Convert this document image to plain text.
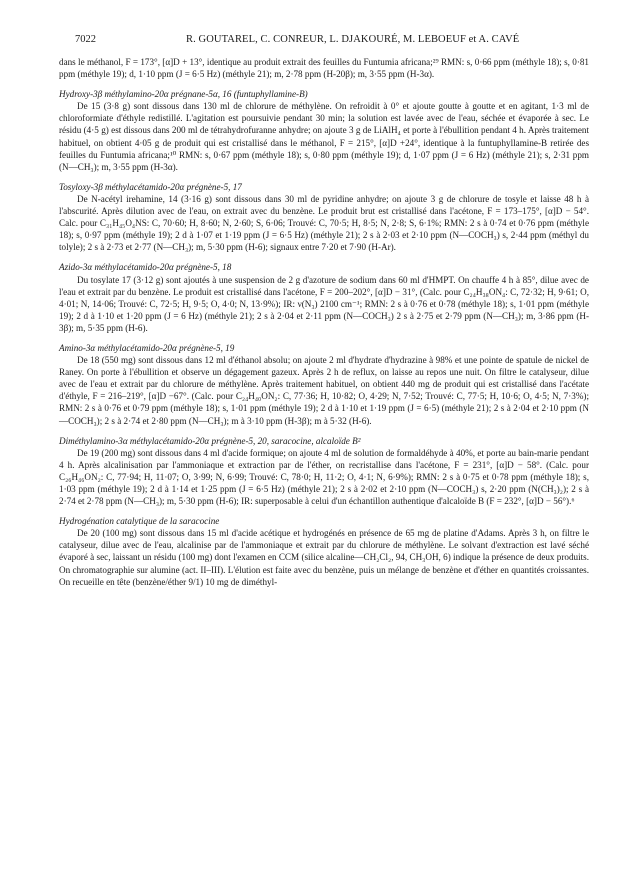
7022	R. GOUTAREL, C. CONREUR, L. DJAKOURÉ, M. LEBOEUF et A. CAVÉ

dans le méthanol, F = 173°, [α]D + 13°, identique au produit extrait des feuilles du Funtumia africana;²⁹ RMN: s, 0·66 ppm (méthyle 18); s, 0·81 ppm (méthyle 19); d, 1·10 ppm (J = 6·5 Hz) (méthyle 21); m, 2·78 ppm (H-20β); m, 3·55 ppm (H-3α).

Hydroxy-3β méthylamino-20α prégnane-5α, 16 (funtuphyllamine-B)

De 15 (3·8 g) sont dissous dans 130 ml de chlorure de méthylène. On refroidit à 0° et ajoute goutte à goutte et en agitant, 1·3 ml de chloroformiate d'éthyle redistillé. L'agitation est poursuivie pendant 30 min; la solution est lavée avec de l'eau, séchée et évaporée à sec. Le résidu (4·5 g) est dissous dans 200 ml de tétrahydrofuranne anhydre; on ajoute 3 g de LiAlH₄ et porte à l'ébullition pendant 4 h. Après traitement habituel, on obtient 4·05 g de produit qui est cristallisé dans le méthanol, F = 215°, [α]D +24°, identique à la funtuphyllamine-B retirée des feuilles du Funtumia africana;¹⁰ RMN: s, 0·67 ppm (méthyle 18); s, 0·80 ppm (méthyle 19); d, 1·07 ppm (J = 6 Hz) (méthyle 21); s, 2·31 ppm (N—CH₃); m, 3·55 ppm (H-3α).

Tosyloxy-3β méthylacétamido-20α prégnène-5, 17

De N-acétyl irehamine, 14 (3·16 g) sont dissous dans 30 ml de pyridine anhydre; on ajoute 3 g de chlorure de tosyle et laisse 48 h à l'abscurité. Après dilution avec de l'eau, on extrait avec du benzène. Le produit brut est cristallisé dans l'acétone, F = 173–175°, [α]D − 54°. Calc. pour C₃₁H₄₅O₄NS: C, 70·60; H, 8·60; N, 2·60; S, 6·06; Trouvé: C, 70·5; H, 8·5; N, 2·8; S, 6·1%; RMN: 2 s à 0·74 et 0·76 ppm (méthyle 18); s, 0·97 ppm (méthyle 19); 2 d à 1·07 et 1·19 ppm (J = 6·5 Hz) (méthyle 21); 2 s à 2·03 et 2·10 ppm (N—COCH₃) s, 2·44 ppm (méthyl du tolyle); 2 s à 2·73 et 2·77 (N—CH₃); m, 5·30 ppm (H-6); signaux entre 7·20 et 7·90 (H-Ar).

Azido-3α méthylacétamido-20α prégnène-5, 18

Du tosylate 17 (3·12 g) sont ajoutés à une suspension de 2 g d'azoture de sodium dans 60 ml d'HMPT. On chauffe 4 h à 85°, dilue avec de l'eau et extrait par du benzène. Le produit est cristallisé dans l'acétone, F = 200–202°, [α]D − 31°, (Calc. pour C₂₄H₃₈ON₄: C, 72·32; H, 9·61; O, 4·01; N, 14·06; Trouvé: C, 72·5; H, 9·5; O, 4·0; N, 13·9%); IR: ν(N₃) 2100 cm⁻¹; RMN: 2 s à 0·76 et 0·78 (méthyle 18); s, 1·01 ppm (méthyle 19); 2 d à 1·10 et 1·20 ppm (J = 6 Hz) (méthyle 21); 2 s à 2·04 et 2·11 ppm (N—COCH₃) 2 s à 2·75 et 2·79 ppm (N—CH₃); m, 3·86 ppm (H-3β); m, 5·35 ppm (H-6).

Amino-3α méthylacétamido-20α prégnène-5, 19

De 18 (550 mg) sont dissous dans 12 ml d'éthanol absolu; on ajoute 2 ml d'hydrate d'hydrazine à 98% et une pointe de spatule de nickel de Raney. On porte à l'ébullition et observe un dégagement gazeux. Après 2 h de reflux, on laisse au repos une nuit. On filtre le catalyseur, dilue avec de l'eau et extrait par du chlorure de méthylène. Après traitement habituel, on obtient 440 mg de produit qui est cristallisé dans l'acétate d'éthyle, F = 216–219°, [α]D −67°. (Calc. pour C₂₄H₄₀ON₂: C, 77·36; H, 10·82; O, 4·29; N, 7·52; Trouvé: C, 77·5; H, 10·6; O, 4·5; N, 7·3%); RMN: 2 s à 0·76 et 0·79 ppm (méthyle 18); s, 1·01 ppm (méthyle 19); 2 d à 1·10 et 1·19 ppm (J = 6·5) (méthyle 21); 2 s à 2·04 et 2·10 ppm (N—COCH₃); 2 s à 2·74 et 2·80 ppm (N—CH₃); m à 3·10 ppm (H-3β); m à 5·32 (H-6).

Diméthylamino-3α méthylacétamido-20α prégnène-5, 20, saracocine, alcaloïde B²

De 19 (200 mg) sont dissous dans 4 ml d'acide formique; on ajoute 4 ml de solution de formaldéhyde à 40%, et porte au bain-marie pendant 4 h. Après alcalinisation par l'ammoniaque et extraction par de l'éther, on recristallise dans l'acétone, F = 231°, [α]D − 58°. (Calc. pour C₂₆H₄₆ON₂: C, 77·94; H, 11·07; O, 3·99; N, 6·99; Trouvé: C, 78·0; H, 11·2; O, 4·1; N, 6·9%); RMN: 2 s à 0·75 et 0·78 ppm (méthyle 18); s, 1·03 ppm (méthyle 19); 2 d à 1·14 et 1·25 ppm (J = 6·5 Hz) (méthyle 21); 2 s à 2·02 et 2·10 ppm (N—COCH₃) s, 2·20 ppm (N(CH₃)₂); 2 s à 2·74 et 2·78 ppm (N—CH₃); m, 5·30 ppm (H-6); IR: superposable à celui d'un échantillon authentique d'alcaloïde B (F = 232°, [α]D − 56°).⁶

Hydrogénation catalytique de la saracocine

De 20 (100 mg) sont dissous dans 15 ml d'acide acétique et hydrogénés en présence de 65 mg de platine d'Adams. Après 3 h, on filtre le catalyseur, dilue avec de l'eau, alcalinise par de l'ammoniaque et extrait par du chlorure de méthylène. Le solvant d'extraction est lavé séché évaporé à sec, laissant un résidu (100 mg) dont l'examen en CCM (silice alcaline—CH₂Cl₂, 94, CH₃OH, 6) indique la présence de deux produits. On chromatographie sur alumine (act. II–III). L'élution est faite avec du benzène, puis un mélange de benzène et d'éther en quantités croissantes. On recueille en tête (benzène/éther 9/1) 10 mg de diméthyl-
